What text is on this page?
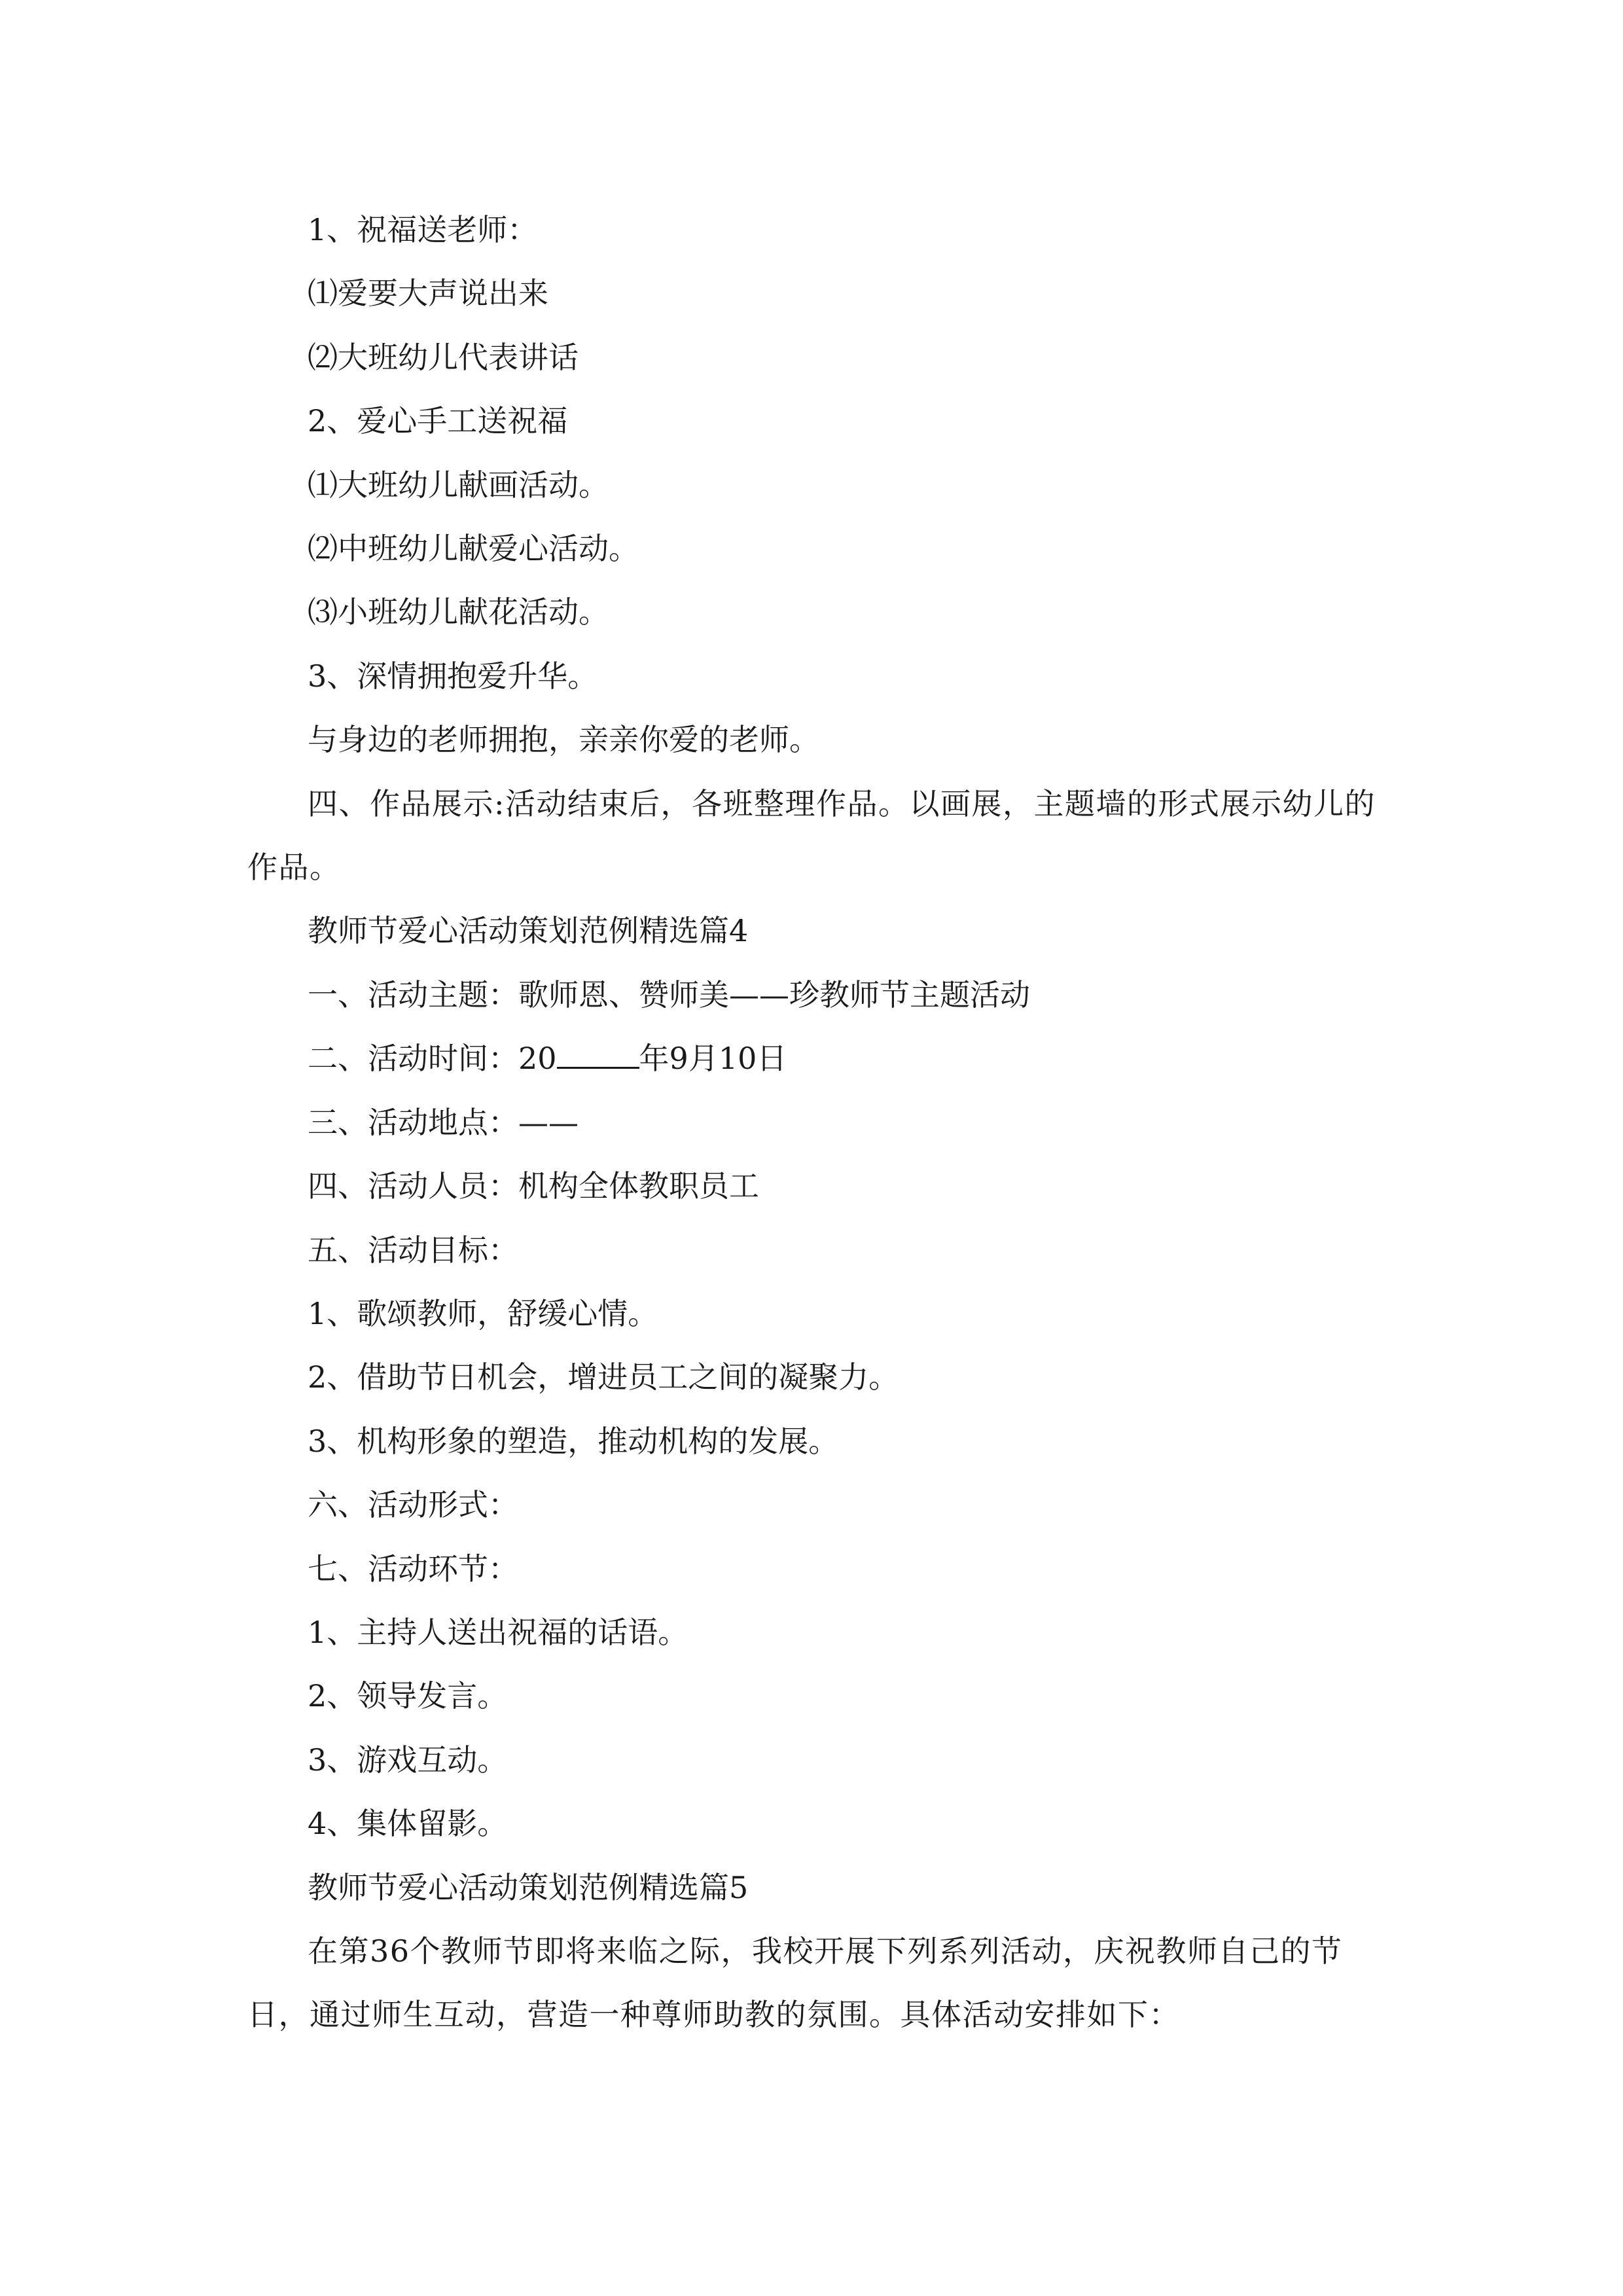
1、祝福送老师：

⑴爱要大声说出来

⑵大班幼儿代表讲话

2、爱心手工送祝福

⑴大班幼儿献画活动。

⑵中班幼儿献爱心活动。

⑶小班幼儿献花活动。

3、深情拥抱爱升华。

与身边的老师拥抱，亲亲你爱的老师。

四、作品展示:活动结束后，各班整理作品。以画展，主题墙的形式展示幼儿的作品。

教师节爱心活动策划范例精选篇4

一、活动主题：歌师恩、赞师美——珍教师节主题活动

二、活动时间：20	年9月10日

三、活动地点：——

四、活动人员：机构全体教职员工

五、活动目标：

1、歌颂教师，舒缓心情。

2、借助节日机会，增进员工之间的凝聚力。

3、机构形象的塑造，推动机构的发展。

六、活动形式：

七、活动环节：

1、主持人送出祝福的话语。

2、领导发言。

3、游戏互动。

4、集体留影。

教师节爱心活动策划范例精选篇5

在第36个教师节即将来临之际，我校开展下列系列活动，庆祝教师自己的节日，通过师生互动，营造一种尊师助教的氛围。具体活动安排如下：
